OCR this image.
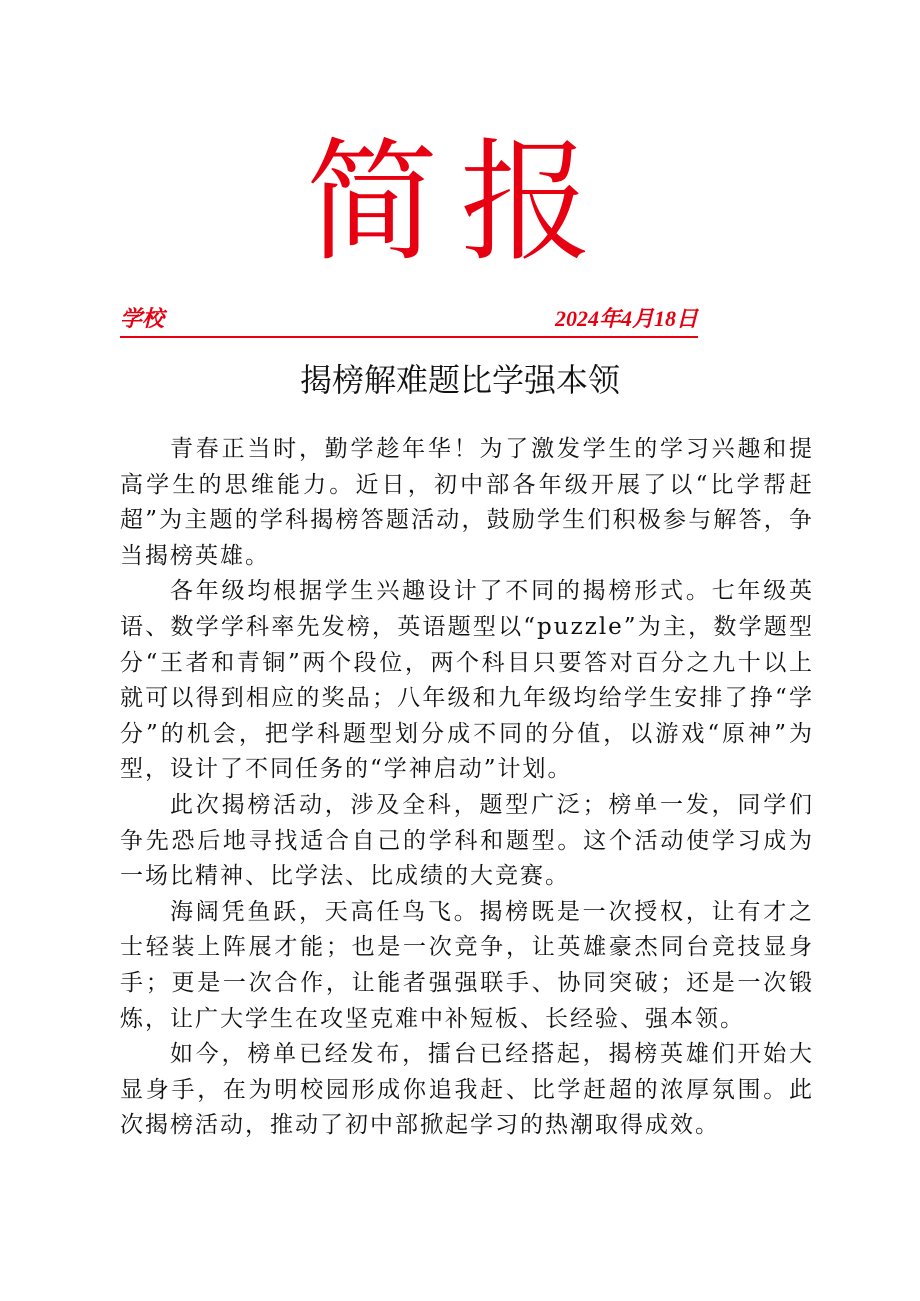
简报
学校	2024年4月18日
揭榜解难题比学强本领

青春正当时，勤学趁年华！为了激发学生的学习兴趣和提高学生的思维能力。近日，初中部各年级开展了以“比学帮赶超”为主题的学科揭榜答题活动，鼓励学生们积极参与解答，争当揭榜英雄。

各年级均根据学生兴趣设计了不同的揭榜形式。七年级英语、数学学科率先发榜，英语题型以“puzzle”为主，数学题型分“王者和青铜”两个段位，两个科目只要答对百分之九十以上就可以得到相应的奖品；八年级和九年级均给学生安排了挣“学分”的机会，把学科题型划分成不同的分值，以游戏“原神”为型，设计了不同任务的“学神启动”计划。

此次揭榜活动，涉及全科，题型广泛；榜单一发，同学们争先恐后地寻找适合自己的学科和题型。这个活动使学习成为一场比精神、比学法、比成绩的大竞赛。

海阔凭鱼跃，天高任鸟飞。揭榜既是一次授权，让有才之士轻装上阵展才能；也是一次竞争，让英雄豪杰同台竞技显身手；更是一次合作，让能者强强联手、协同突破；还是一次锻炼，让广大学生在攻坚克难中补短板、长经验、强本领。

如今，榜单已经发布，擂台已经搭起，揭榜英雄们开始大显身手，在为明校园形成你追我赶、比学赶超的浓厚氛围。此次揭榜活动，推动了初中部掀起学习的热潮取得成效。
